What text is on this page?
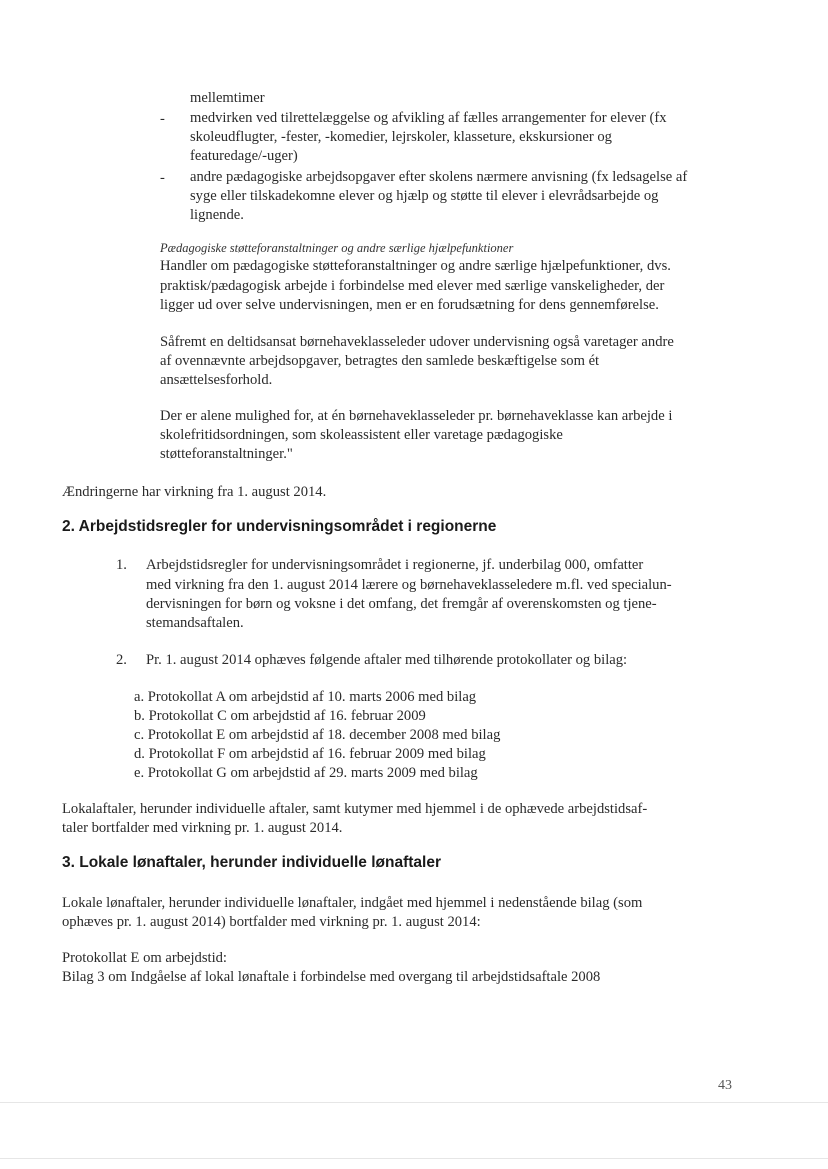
mellemtimer
- medvirken ved tilrettelæggelse og afvikling af fælles arrangementer for elever (fx
skoleudflugter, -fester, -komedier, lejrskoler, klasseture, ekskursioner og
featuredage/-uger)
- andre pædagogiske arbejdsopgaver efter skolens nærmere anvisning (fx ledsagelse af
syge eller tilskadekomne elever og hjælp og støtte til elever i elevrådsarbejde og
lignende.
Pædagogiske støtteforanstaltninger og andre særlige hjælpefunktioner
Handler om pædagogiske støtteforanstaltninger og andre særlige hjælpefunktioner, dvs.
praktisk/pædagogisk arbejde i forbindelse med elever med særlige vanskeligheder, der
ligger ud over selve undervisningen, men er en forudsætning for dens gennemførelse.
Såfremt en deltidsansat børnehaveklasseleder udover undervisning også varetager andre
af ovennævnte arbejdsopgaver, betragtes den samlede beskæftigelse som ét
ansættelsesforhold.
Der er alene mulighed for, at én børnehaveklasseleder pr. børnehaveklasse kan arbejde i
skolefritidsordningen, som skoleassistent eller varetage pædagogiske
støtteforanstaltninger."
Ændringerne har virkning fra 1. august 2014.
2. Arbejdstidsregler for undervisningsområdet i regionerne
1. Arbejdstidsregler for undervisningsområdet i regionerne, jf. underbilag 000, omfatter
med virkning fra den 1. august 2014 lærere og børnehaveklasseledere m.fl. ved specialun-
dervisningen for børn og voksne i det omfang, det fremgår af overenskomsten og tjene-
stemandsaftalen.
2. Pr. 1. august 2014 ophæves følgende aftaler med tilhørende protokollater og bilag:
a. Protokollat A om arbejdstid af 10. marts 2006 med bilag
b. Protokollat C om arbejdstid af 16. februar 2009
c. Protokollat E om arbejdstid af 18. december 2008 med bilag
d. Protokollat F om arbejdstid af 16. februar 2009 med bilag
e. Protokollat G om arbejdstid af 29. marts 2009 med bilag
Lokalaftaler, herunder individuelle aftaler, samt kutymer med hjemmel i de ophævede arbejdstidsaf-
taler bortfalder med virkning pr. 1. august 2014.
3. Lokale lønaftaler, herunder individuelle lønaftaler
Lokale lønaftaler, herunder individuelle lønaftaler, indgået med hjemmel i nedenstående bilag (som
ophæves pr. 1. august 2014) bortfalder med virkning pr. 1. august 2014:
Protokollat E om arbejdstid:
Bilag 3 om Indgåelse af lokal lønaftale i forbindelse med overgang til arbejdstidsaftale 2008
43
